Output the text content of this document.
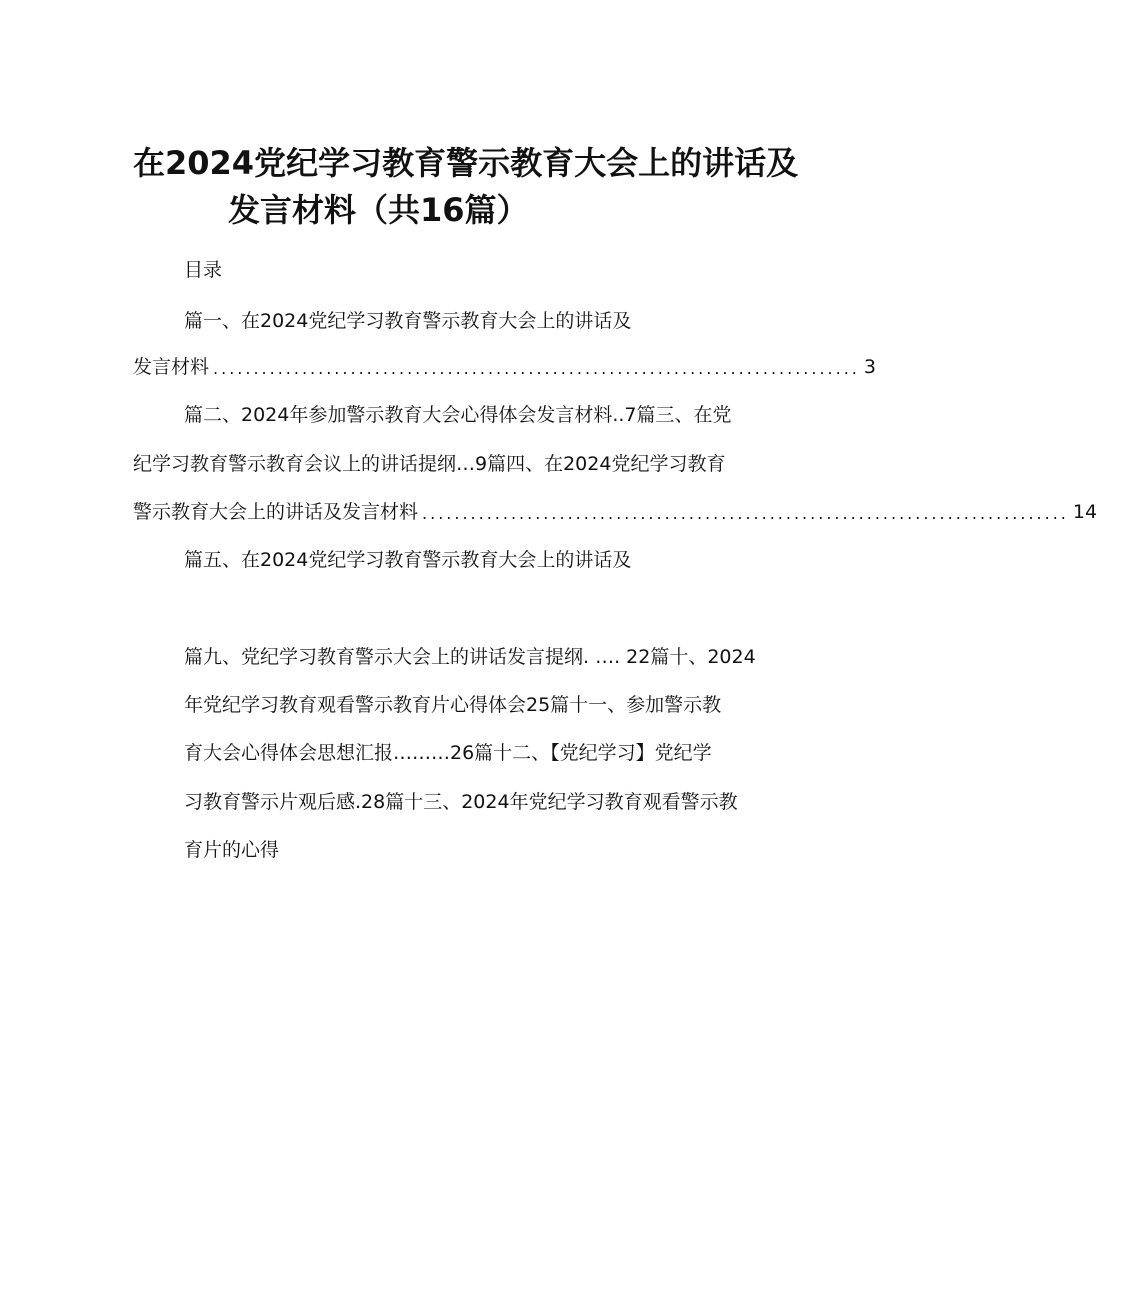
在2024党纪学习教育警示教育大会上的讲话及
发言材料（共16篇）
目录
篇一、在2024党纪学习教育警示教育大会上的讲话及
发言材料 ................................................................................ 3
篇二、2024年参加警示教育大会心得体会发言材料..7篇三、在党
纪学习教育警示教育会议上的讲话提纲…9篇四、在2024党纪学习教育
警示教育大会上的讲话及发言材料 ................................................................................ 14
篇五、在2024党纪学习教育警示教育大会上的讲话及
篇九、党纪学习教育警示大会上的讲话发言提纲. …. 22篇十、2024
年党纪学习教育观看警示教育片心得体会25篇十一、参加警示教
育大会心得体会思想汇报………26篇十二、【党纪学习】党纪学
习教育警示片观后感.28篇十三、2024年党纪学习教育观看警示教
育片的心得
